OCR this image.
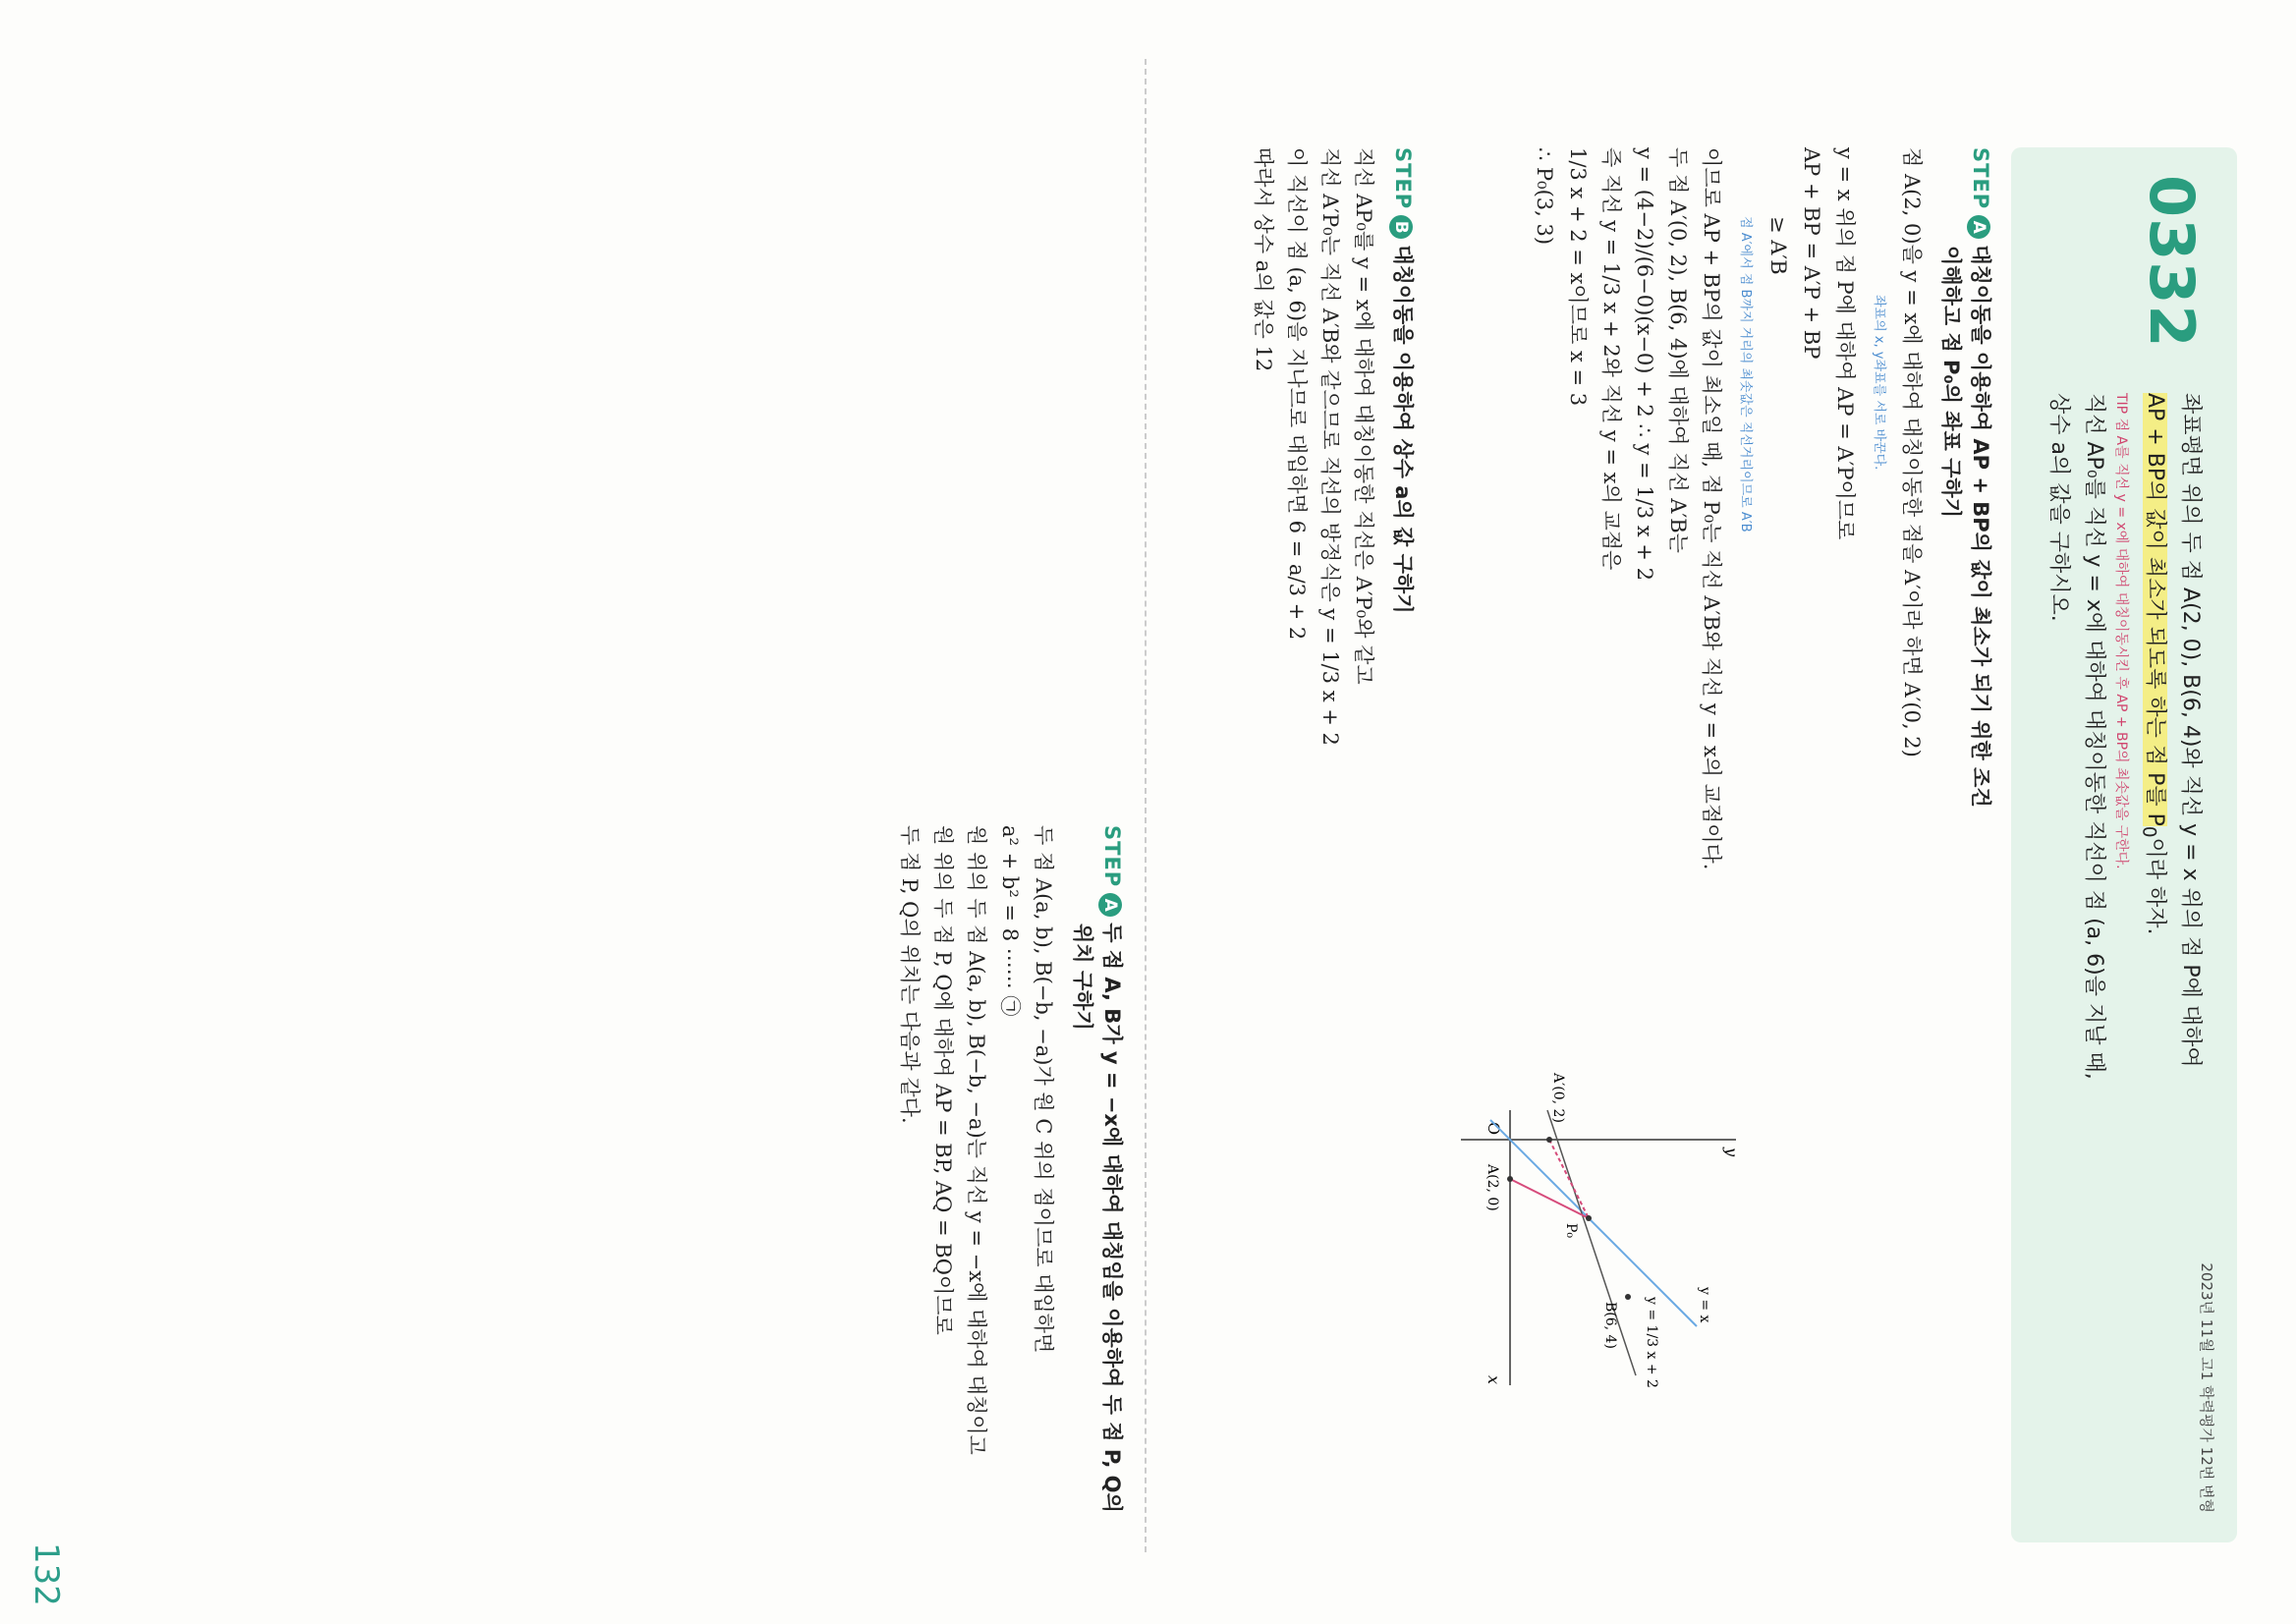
0332
2023년 11월 고1 학력평가 12번 변형
좌표평면 위의 두 점 A(2, 0), B(6, 4)와 직선 y = x 위의 점 P에 대하여
AP + BP의 값이 최소가 되도록 하는 점 P를 $P_0$이라 하자.
TIP 점 A를 직선 y = x에 대하여 대칭이동시킨 후 AP + BP의 최솟값을 구한다.
직선 AP₀를 직선 y = x에 대하여 대칭이동한 직선이 점 (a, 6)을 지날 때,
상수 a의 값을 구하시오.
STEPA대칭이동을 이용하여 AP + BP의 값이 최소가 되기 위한 조건
이해하고 점 P₀의 좌표 구하기
점 A(2, 0)을 y = x에 대하여 대칭이동한 점을 A′이라 하면 A′(0, 2)
좌표의 x, y좌표를 서로 바꾼다.
y = x 위의 점 P에 대하여 AP = A′P이므로
AP + BP = A′P + BP
≥ A′B
점 A′에서 점 B까지 거리의 최솟값은 직선거리이므로 A′B
이므로 AP + BP의 값이 최소일 때, 점 P₀는 직선 A′B와 직선 y = x의 교점이다.
두 점 A′(0, 2), B(6, 4)에 대하여 직선 A′B는
y = (4−2)/(6−0)(x−0) + 2 ∴ y = 1/3 x + 2
즉 직선 y = 1/3 x + 2와 직선 y = x의 교점은
1/3 x + 2 = x이므로 x = 3
∴ P₀(3, 3)
x
y
O
y = x
y = 1/3 x + 2
A(2, 0)
A′(0, 2)
B(6, 4)
P₀
STEPB대칭이동을 이용하여 상수 a의 값 구하기
직선 AP₀를 y = x에 대하여 대칭이동한 직선은 A′P₀와 같고
직선 A′P₀는 직선 A′B와 같으므로 직선의 방정식은 y = 1/3 x + 2
이 직선이 점 (a, 6)을 지나므로 대입하면 6 = a/3 + 2
따라서 상수 a의 값은 12
STEPA두 점 A, B가 y = −x에 대하여 대칭임을 이용하여 두 점 P, Q의
위치 구하기
두 점 A(a, b), B(−b, −a)가 원 C 위의 점이므로 대입하면
a² + b² = 8 ⋯⋯ ㉠
원 위의 두 점 A(a, b), B(−b, −a)는 직선 y = −x에 대하여 대칭이고
원 위의 두 점 P, Q에 대하여 AP = BP, AQ = BQ이므로
두 점 P, Q의 위치는 다음과 같다.
132
